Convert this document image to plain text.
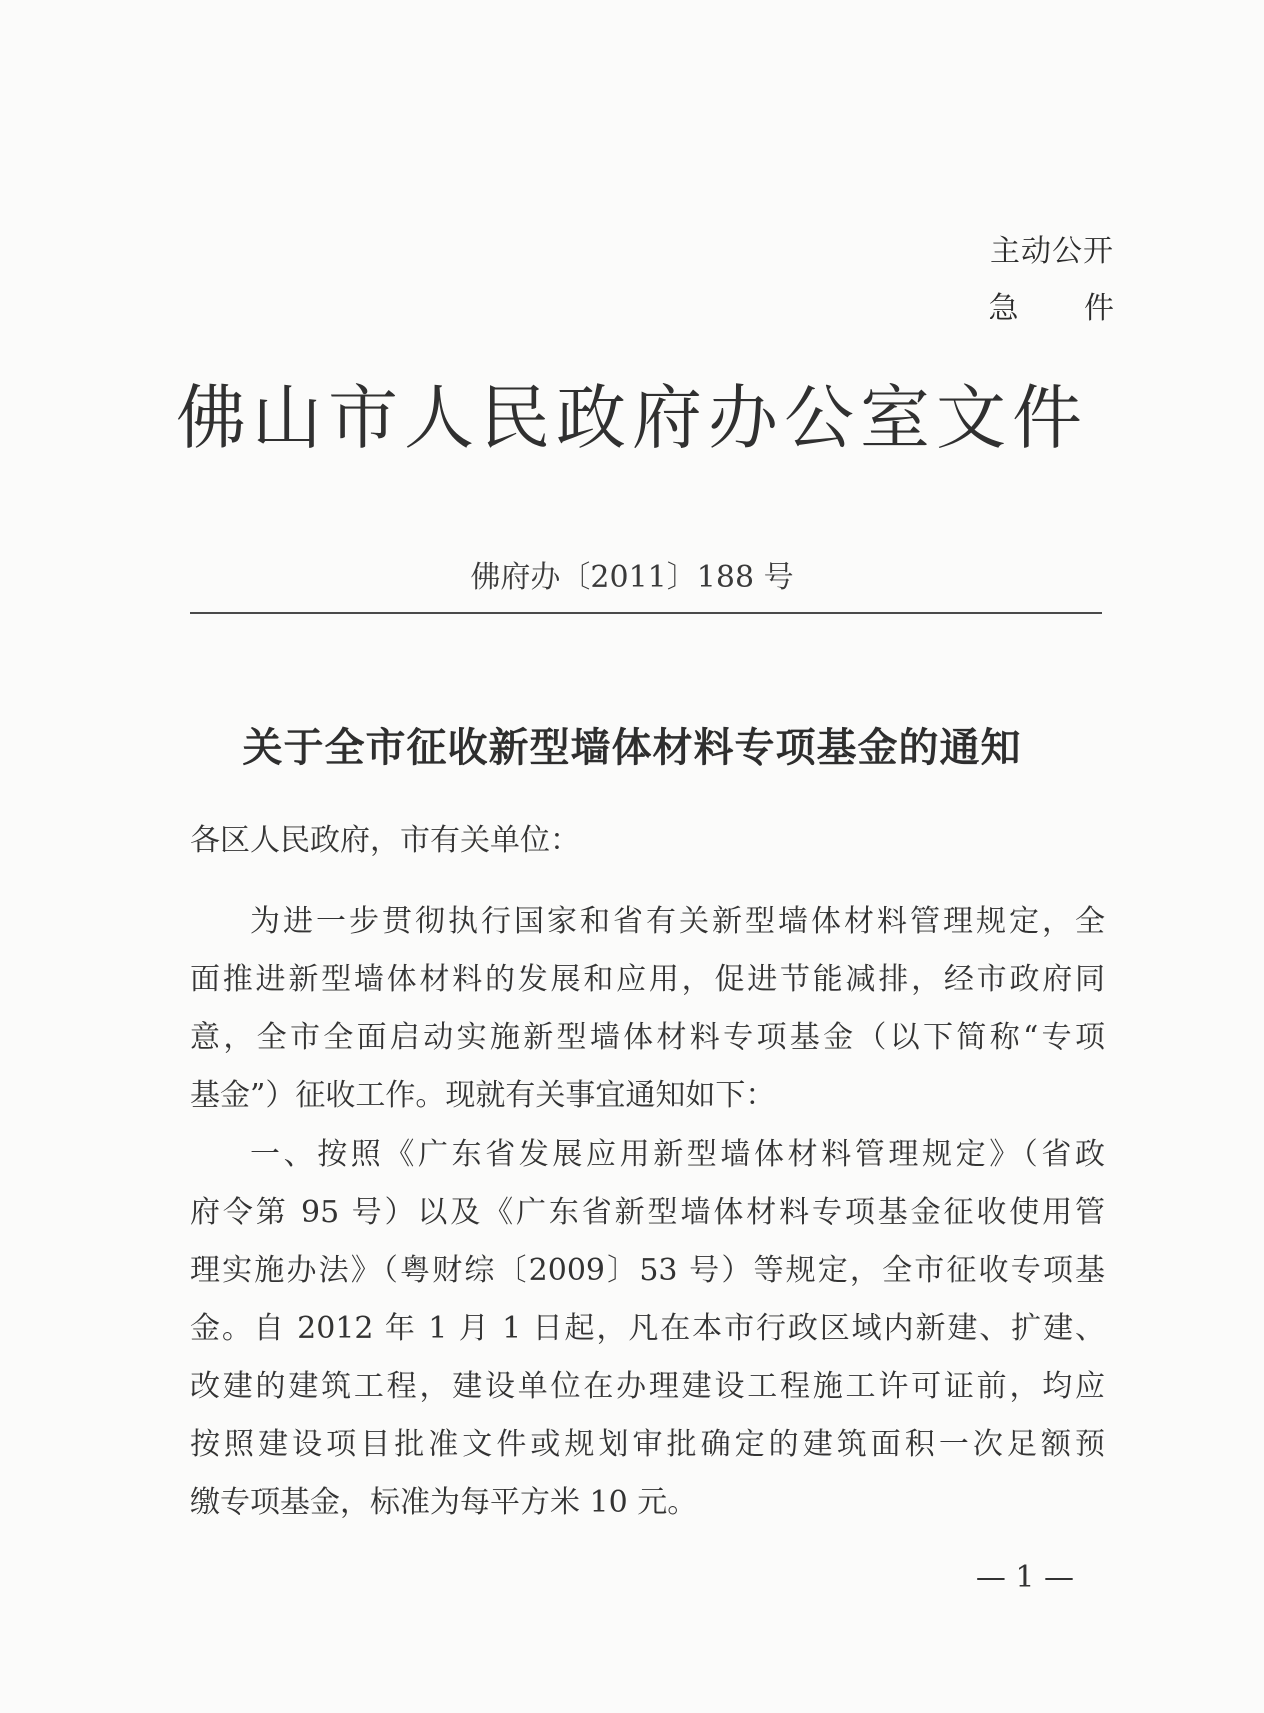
主动公开
急 件
佛山市人民政府办公室文件
佛府办〔2011〕188 号
关于全市征收新型墙体材料专项基金的通知
各区人民政府，市有关单位：
为进一步贯彻执行国家和省有关新型墙体材料管理规定，全
面推进新型墙体材料的发展和应用，促进节能减排，经市政府同
意，全市全面启动实施新型墙体材料专项基金（以下简称“专项
基金”）征收工作。现就有关事宜通知如下：
一、按照《广东省发展应用新型墙体材料管理规定》（省政
府令第 95 号）以及《广东省新型墙体材料专项基金征收使用管
理实施办法》（粤财综〔2009〕53 号）等规定，全市征收专项基
金。自 2012 年 1 月 1 日起，凡在本市行政区域内新建、扩建、
改建的建筑工程，建设单位在办理建设工程施工许可证前，均应
按照建设项目批准文件或规划审批确定的建筑面积一次足额预
缴专项基金，标准为每平方米 10 元。
— 1 —
